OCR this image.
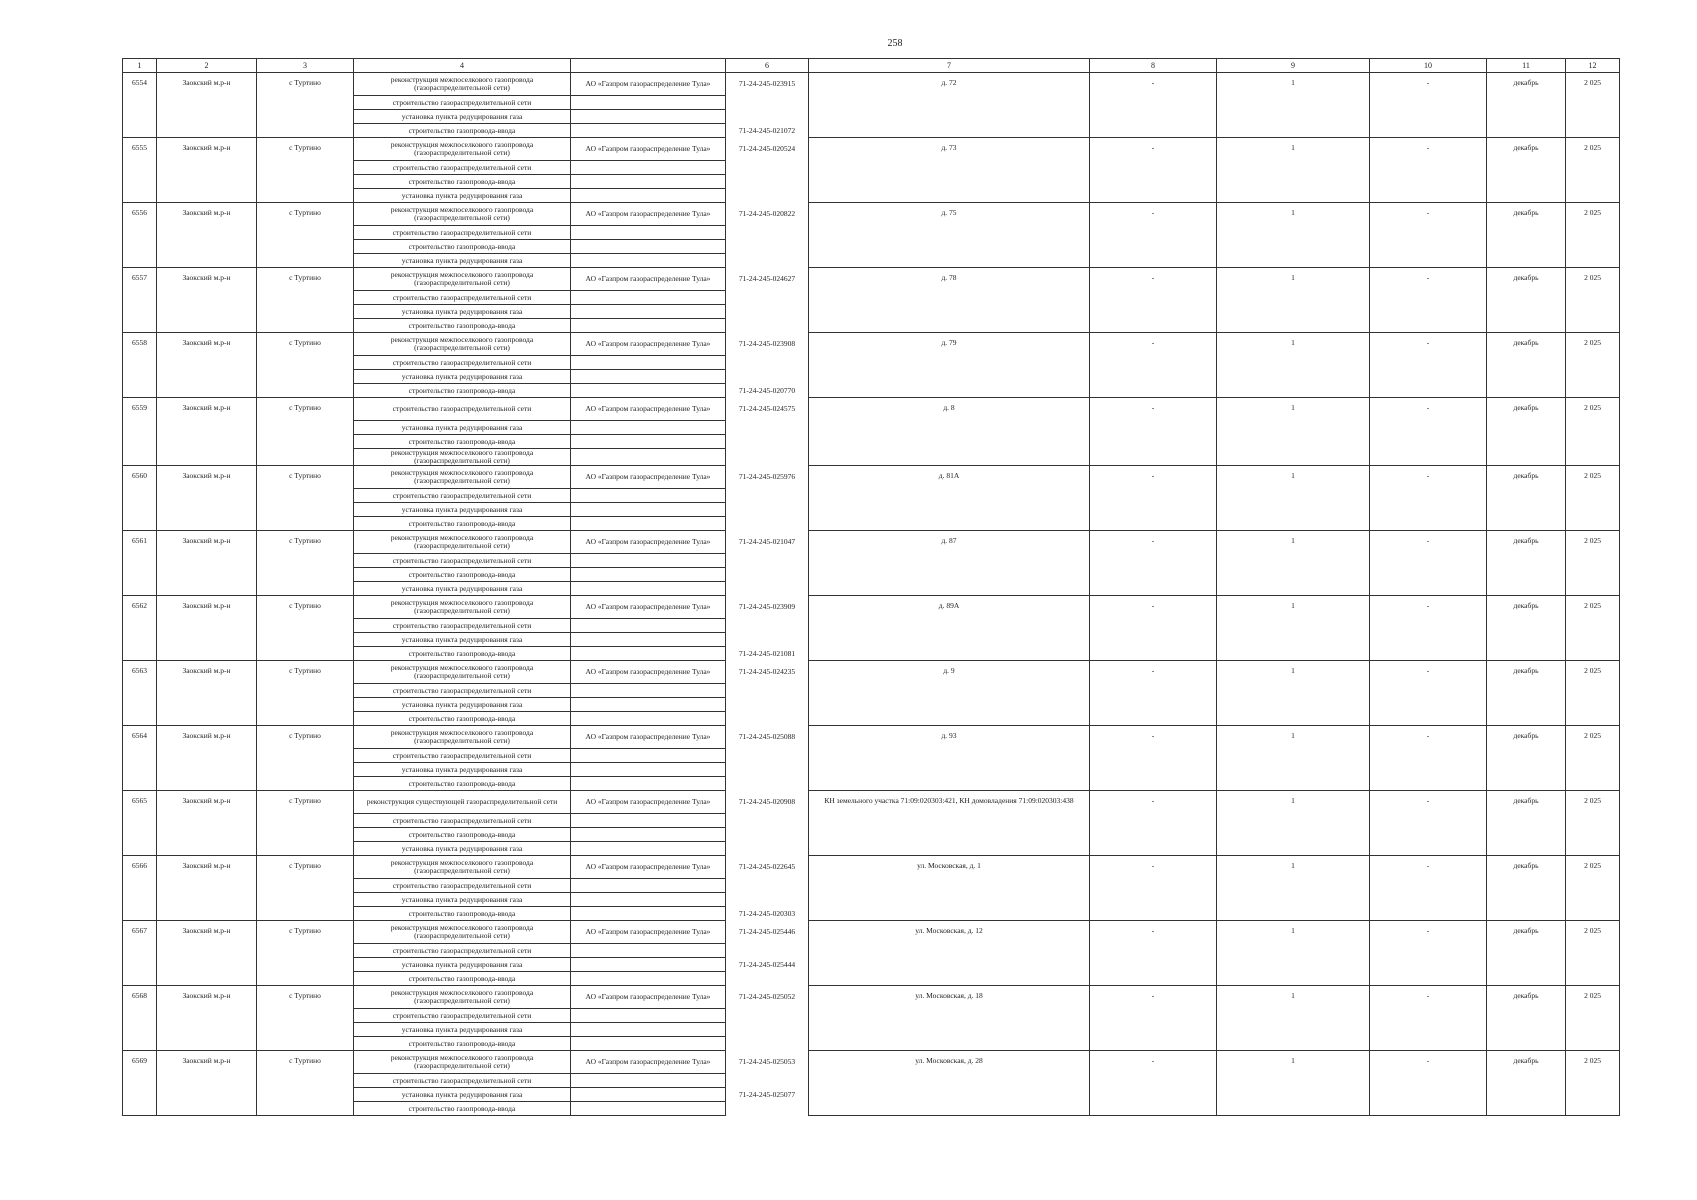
258
1	2	3	4		6	7	8	9	10	11	12
6554	Заокский м.р-н	с Туртино	реконструкция межпоселкового газопровода (газораспределительной сети)	АО «Газпром газораспределение Тула»	71-24-245-023915	д. 72	-	1	-	декабрь	2 025
			строительство газораспределительной сети								
			установка пункта редуцирования газа								
			строительство газопровода-ввода		71-24-245-021072						
6555	Заокский м.р-н	с Туртино	реконструкция межпоселкового газопровода (газораспределительной сети)	АО «Газпром газораспределение Тула»	71-24-245-020524	д. 73	-	1	-	декабрь	2 025
			строительство газораспределительной сети								
			строительство газопровода-ввода								
			установка пункта редуцирования газа								
6556	Заокский м.р-н	с Туртино	реконструкция межпоселкового газопровода (газораспределительной сети)	АО «Газпром газораспределение Тула»	71-24-245-020822	д. 75	-	1	-	декабрь	2 025
			строительство газораспределительной сети								
			строительство газопровода-ввода								
			установка пункта редуцирования газа								
6557	Заокский м.р-н	с Туртино	реконструкция межпоселкового газопровода (газораспределительной сети)	АО «Газпром газораспределение Тула»	71-24-245-024627	д. 78	-	1	-	декабрь	2 025
			строительство газораспределительной сети								
			установка пункта редуцирования газа								
			строительство газопровода-ввода								
6558	Заокский м.р-н	с Туртино	реконструкция межпоселкового газопровода (газораспределительной сети)	АО «Газпром газораспределение Тула»	71-24-245-023908	д. 79	-	1	-	декабрь	2 025
			строительство газораспределительной сети								
			установка пункта редуцирования газа								
			строительство газопровода-ввода		71-24-245-020770						
6559	Заокский м.р-н	с Туртино	строительство газораспределительной сети	АО «Газпром газораспределение Тула»	71-24-245-024575	д. 8	-	1	-	декабрь	2 025
			установка пункта редуцирования газа								
			строительство газопровода-ввода								
			реконструкция межпоселкового газопровода (газораспределительной сети)								
6560	Заокский м.р-н	с Туртино	реконструкция межпоселкового газопровода (газораспределительной сети)	АО «Газпром газораспределение Тула»	71-24-245-025976	д. 81А	-	1	-	декабрь	2 025
			строительство газораспределительной сети								
			установка пункта редуцирования газа								
			строительство газопровода-ввода								
6561	Заокский м.р-н	с Туртино	реконструкция межпоселкового газопровода (газораспределительной сети)	АО «Газпром газораспределение Тула»	71-24-245-021047	д. 87	-	1	-	декабрь	2 025
			строительство газораспределительной сети								
			строительство газопровода-ввода								
			установка пункта редуцирования газа								
6562	Заокский м.р-н	с Туртино	реконструкция межпоселкового газопровода (газораспределительной сети)	АО «Газпром газораспределение Тула»	71-24-245-023909	д. 89А	-	1	-	декабрь	2 025
			строительство газораспределительной сети								
			установка пункта редуцирования газа								
			строительство газопровода-ввода		71-24-245-021081						
6563	Заокский м.р-н	с Туртино	реконструкция межпоселкового газопровода (газораспределительной сети)	АО «Газпром газораспределение Тула»	71-24-245-024235	д. 9	-	1	-	декабрь	2 025
			строительство газораспределительной сети								
			установка пункта редуцирования газа								
			строительство газопровода-ввода								
6564	Заокский м.р-н	с Туртино	реконструкция межпоселкового газопровода (газораспределительной сети)	АО «Газпром газораспределение Тула»	71-24-245-025088	д. 93	-	1	-	декабрь	2 025
			строительство газораспределительной сети								
			установка пункта редуцирования газа								
			строительство газопровода-ввода								
6565	Заокский м.р-н	с Туртино	реконструкция существующей газораспределительной сети	АО «Газпром газораспределение Тула»	71-24-245-020908	КН земельного участка 71:09:020303:421, КН домовладения 71:09:020303:438	-	1	-	декабрь	2 025
			строительство газораспределительной сети								
			строительство газопровода-ввода								
			установка пункта редуцирования газа								
6566	Заокский м.р-н	с Туртино	реконструкция межпоселкового газопровода (газораспределительной сети)	АО «Газпром газораспределение Тула»	71-24-245-022645	ул. Московская, д. 1	-	1	-	декабрь	2 025
			строительство газораспределительной сети								
			установка пункта редуцирования газа								
			строительство газопровода-ввода		71-24-245-020303						
6567	Заокский м.р-н	с Туртино	реконструкция межпоселкового газопровода (газораспределительной сети)	АО «Газпром газораспределение Тула»	71-24-245-025446	ул. Московская, д. 12	-	1	-	декабрь	2 025
			строительство газораспределительной сети								
			установка пункта редуцирования газа		71-24-245-025444						
			строительство газопровода-ввода								
6568	Заокский м.р-н	с Туртино	реконструкция межпоселкового газопровода (газораспределительной сети)	АО «Газпром газораспределение Тула»	71-24-245-025052	ул. Московская, д. 18	-	1	-	декабрь	2 025
			строительство газораспределительной сети								
			установка пункта редуцирования газа								
			строительство газопровода-ввода								
6569	Заокский м.р-н	с Туртино	реконструкция межпоселкового газопровода (газораспределительной сети)	АО «Газпром газораспределение Тула»	71-24-245-025053	ул. Московская, д. 28	-	1	-	декабрь	2 025
			строительство газораспределительной сети								
			установка пункта редуцирования газа		71-24-245-025077						
			строительство газопровода-ввода								
